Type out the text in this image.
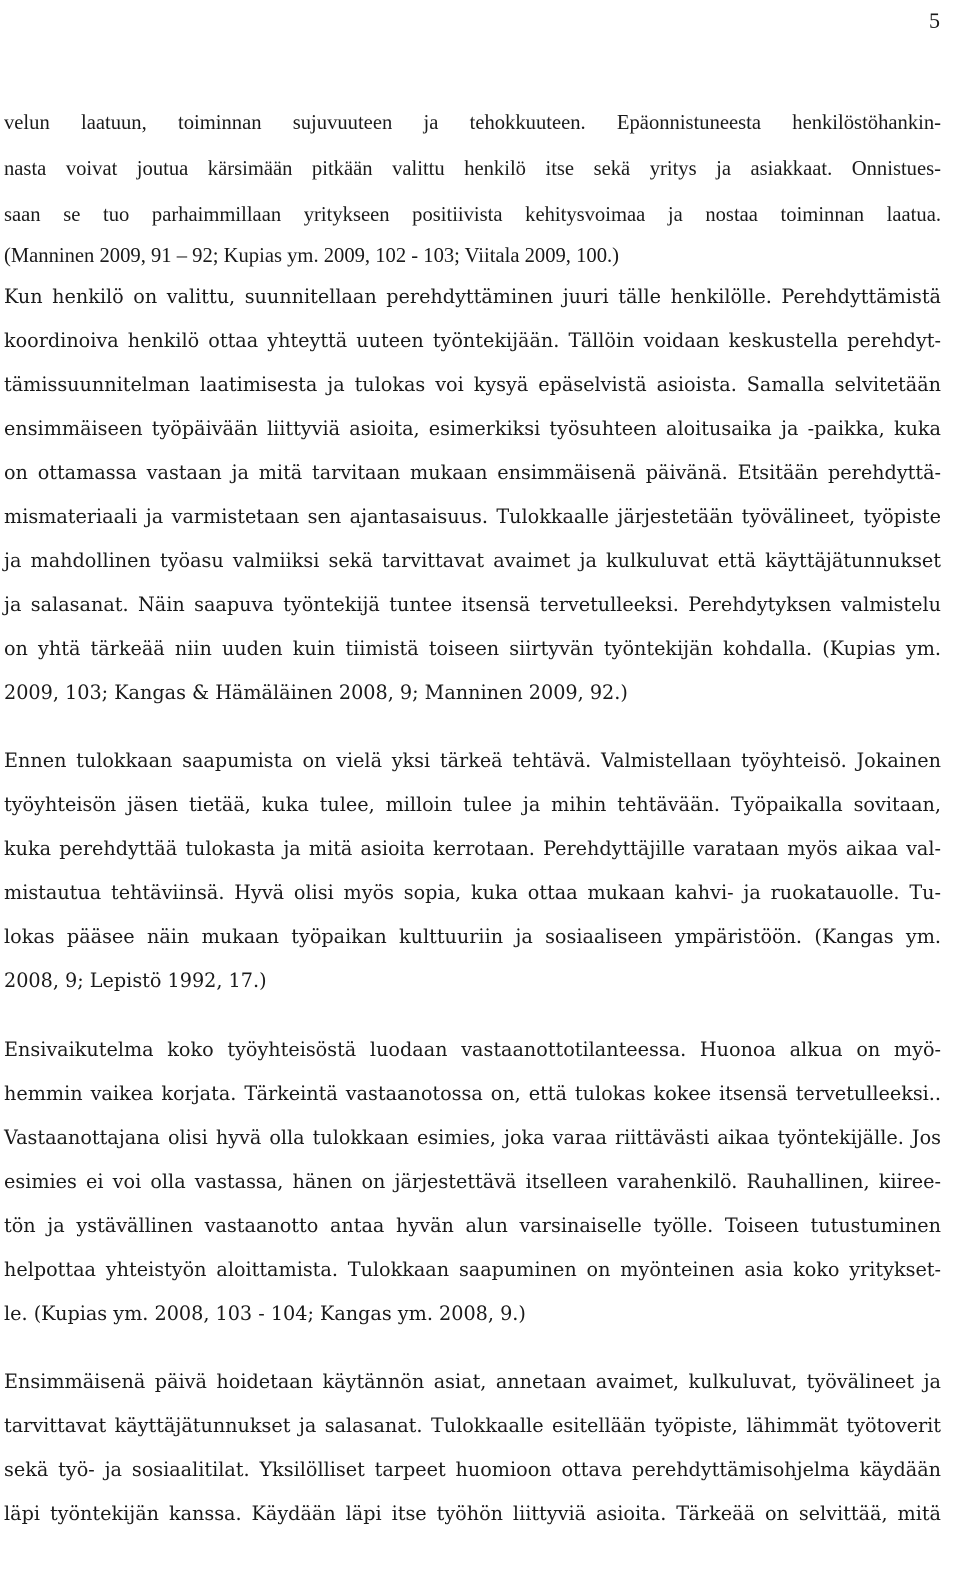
5
velun laatuun, toiminnan sujuvuuteen ja tehokkuuteen. Epäonnistuneesta henkilöstöhankin-
nasta voivat joutua kärsimään pitkään valittu henkilö itse sekä yritys ja asiakkaat. Onnistues-
saan se tuo parhaimmillaan yritykseen positiivista kehitysvoimaa ja nostaa toiminnan laatua.
(Manninen 2009, 91 – 92; Kupias ym. 2009, 102 - 103; Viitala 2009, 100.)
Kun henkilö on valittu, suunnitellaan perehdyttäminen juuri tälle henkilölle. Perehdyttämistä
koordinoiva henkilö ottaa yhteyttä uuteen työntekijään. Tällöin voidaan keskustella perehdyt-
tämissuunnitelman laatimisesta ja tulokas voi kysyä epäselvistä asioista. Samalla selvitetään
ensimmäiseen työpäivään liittyviä asioita, esimerkiksi työsuhteen aloitusaika ja -paikka, kuka
on ottamassa vastaan ja mitä tarvitaan mukaan ensimmäisenä päivänä. Etsitään perehdyttä-
mismateriaali ja varmistetaan sen ajantasaisuus. Tulokkaalle järjestetään työvälineet, työpiste
ja mahdollinen työasu valmiiksi sekä tarvittavat avaimet ja kulkuluvat että käyttäjätunnukset
ja salasanat. Näin saapuva työntekijä tuntee itsensä tervetulleeksi. Perehdytyksen valmistelu
on yhtä tärkeää niin uuden kuin tiimistä toiseen siirtyvän työntekijän kohdalla. (Kupias ym.
2009, 103; Kangas & Hämäläinen 2008, 9; Manninen 2009, 92.)
Ennen tulokkaan saapumista on vielä yksi tärkeä tehtävä. Valmistellaan työyhteisö. Jokainen
työyhteisön jäsen tietää, kuka tulee, milloin tulee ja mihin tehtävään. Työpaikalla sovitaan,
kuka perehdyttää tulokasta ja mitä asioita kerrotaan. Perehdyttäjille varataan myös aikaa val-
mistautua tehtäviinsä. Hyvä olisi myös sopia, kuka ottaa mukaan kahvi- ja ruokatauolle. Tu-
lokas pääsee näin mukaan työpaikan kulttuuriin ja sosiaaliseen ympäristöön. (Kangas ym.
2008, 9; Lepistö 1992, 17.)
Ensivaikutelma koko työyhteisöstä luodaan vastaanottotilanteessa. Huonoa alkua on myö-
hemmin vaikea korjata. Tärkeintä vastaanotossa on, että tulokas kokee itsensä tervetulleeksi..
Vastaanottajana olisi hyvä olla tulokkaan esimies, joka varaa riittävästi aikaa työntekijälle. Jos
esimies ei voi olla vastassa, hänen on järjestettävä itselleen varahenkilö. Rauhallinen, kiiree-
tön ja ystävällinen vastaanotto antaa hyvän alun varsinaiselle työlle. Toiseen tutustuminen
helpottaa yhteistyön aloittamista. Tulokkaan saapuminen on myönteinen asia koko yritykset-
le. (Kupias ym. 2008, 103 - 104; Kangas ym. 2008, 9.)
Ensimmäisenä päivä hoidetaan käytännön asiat, annetaan avaimet, kulkuluvat, työvälineet ja
tarvittavat käyttäjätunnukset ja salasanat. Tulokkaalle esitellään työpiste, lähimmät työtoverit
sekä työ- ja sosiaalitilat. Yksilölliset tarpeet huomioon ottava perehdyttämisohjelma käydään
läpi työntekijän kanssa. Käydään läpi itse työhön liittyviä asioita. Tärkeää on selvittää, mitä
